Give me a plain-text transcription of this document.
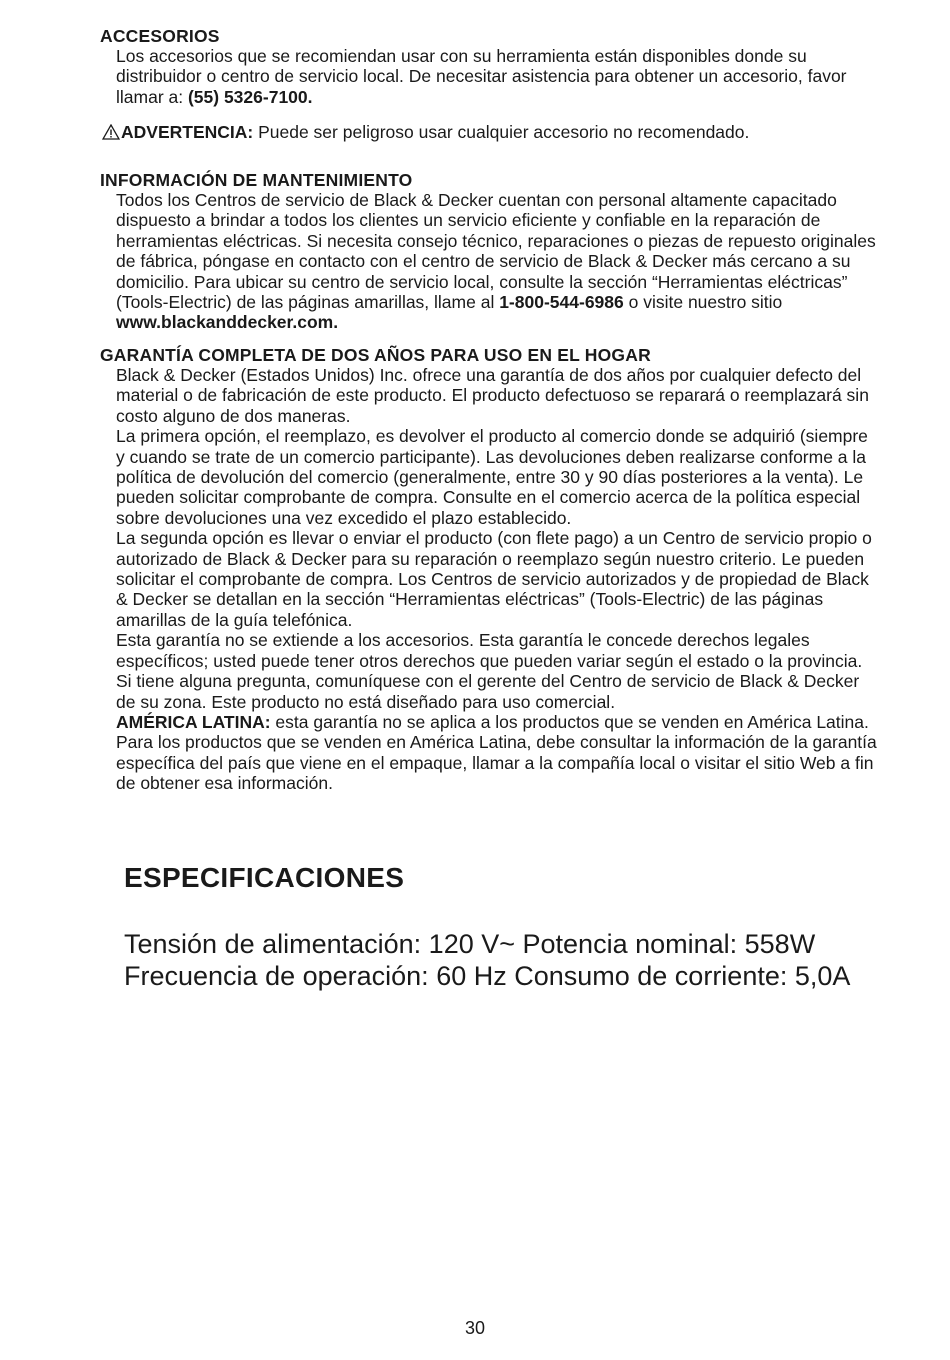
ACCESORIOS

Los accesorios que se recomiendan usar con su herramienta están disponibles donde su distribuidor o centro de servicio local. De necesitar asistencia para obtener un accesorio, favor llamar a: (55) 5326-7100.

ADVERTENCIA: Puede ser peligroso usar cualquier accesorio no recomendado.
INFORMACIÓN DE MANTENIMIENTO

Todos los Centros de servicio de Black & Decker cuentan con personal altamente capacitado dispuesto a brindar a todos los clientes un servicio eficiente y confiable en la reparación de herramientas eléctricas. Si necesita consejo técnico, reparaciones o piezas de repuesto originales de fábrica, póngase en contacto con el centro de servicio de Black & Decker más cercano a su domicilio. Para ubicar su centro de servicio local, consulte la sección “Herramientas eléctricas” (Tools-Electric) de las páginas amarillas, llame al 1-800-544-6986 o visite nuestro sitio www.blackanddecker.com.

GARANTÍA COMPLETA DE DOS AÑOS PARA USO EN EL HOGAR

Black & Decker (Estados Unidos) Inc. ofrece una garantía de dos años por cualquier defecto del material o de fabricación de este producto. El producto defectuoso se reparará o reemplazará sin costo alguno de dos maneras.

La primera opción, el reemplazo, es devolver el producto al comercio donde se adquirió (siempre y cuando se trate de un comercio participante). Las devoluciones deben realizarse conforme a la política de devolución del comercio (generalmente, entre 30 y 90 días posteriores a la venta). Le pueden solicitar comprobante de compra. Consulte en el comercio acerca de la política especial sobre devoluciones una vez excedido el plazo establecido.

La segunda opción es llevar o enviar el producto (con flete pago) a un Centro de servicio propio o autorizado de Black & Decker para su reparación o reemplazo según nuestro criterio. Le pueden solicitar el comprobante de compra. Los Centros de servicio autorizados y de propiedad de Black & Decker se detallan en la sección “Herramientas eléctricas” (Tools-Electric) de las páginas amarillas de la guía telefónica.

Esta garantía no se extiende a los accesorios. Esta garantía le concede derechos legales específicos; usted puede tener otros derechos que pueden variar según el estado o la provincia. Si tiene alguna pregunta, comuníquese con el gerente del Centro de servicio de Black & Decker de su zona. Este producto no está diseñado para uso comercial.

AMÉRICA LATINA: esta garantía no se aplica a los productos que se venden en América Latina. Para los productos que se venden en América Latina, debe consultar la información de la garantía específica del país que viene en el empaque, llamar a la compañía local o visitar el sitio Web a fin de obtener esa información.

ESPECIFICACIONES

Tensión de alimentación: 120 V~ Potencia nominal: 558W

Frecuencia de operación: 60 Hz Consumo de corriente: 5,0A

30
